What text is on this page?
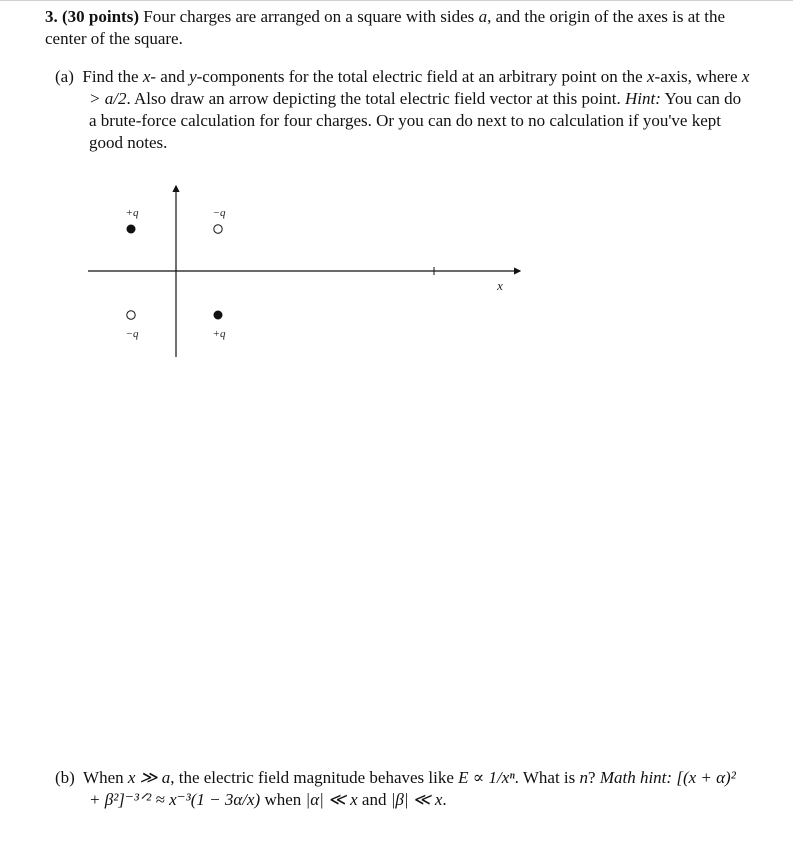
3. (30 points) Four charges are arranged on a square with sides a, and the origin of the axes is at the center of the square.
(a) Find the x- and y-components for the total electric field at an arbitrary point on the x-axis, where x > a/2. Also draw an arrow depicting the total electric field vector at this point. Hint: You can do a brute-force calculation for four charges. Or you can do next to no calculation if you've kept good notes.
+q	−q
−q	+q
x
(b) When x ≫ a, the electric field magnitude behaves like E ∝ 1/xⁿ. What is n? Math hint: [(x + α)² + β²]⁻³ᐟ² ≈ x⁻³(1 − 3α/x) when |α| ≪ x and |β| ≪ x.
